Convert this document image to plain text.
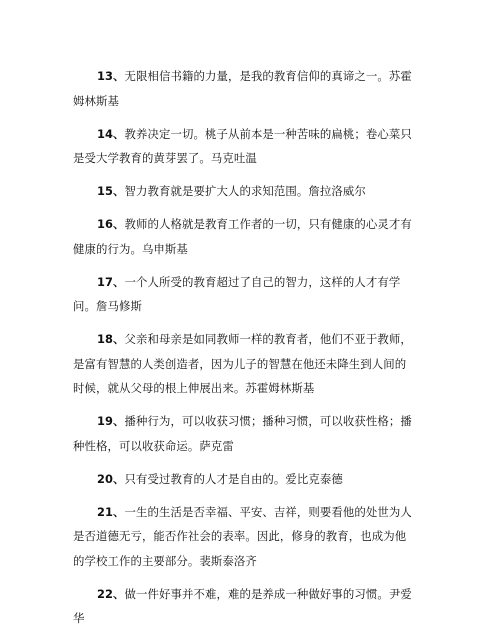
13、无限相信书籍的力量，是我的教育信仰的真谛之一。苏霍姆林斯基

14、教养决定一切。桃子从前本是一种苦味的扁桃；卷心菜只是受大学教育的黄芽罢了。马克吐温

15、智力教育就是要扩大人的求知范围。詹拉洛威尔

16、教师的人格就是教育工作者的一切，只有健康的心灵才有健康的行为。乌申斯基

17、一个人所受的教育超过了自己的智力，这样的人才有学问。詹马修斯

18、父亲和母亲是如同教师一样的教育者，他们不亚于教师，是富有智慧的人类创造者，因为儿子的智慧在他还未降生到人间的时候，就从父母的根上伸展出来。苏霍姆林斯基

19、播种行为，可以收获习惯；播种习惯，可以收获性格；播种性格，可以收获命运。萨克雷

20、只有受过教育的人才是自由的。爱比克泰德

21、一生的生活是否幸福、平安、吉祥，则要看他的处世为人是否道德无亏，能否作社会的表率。因此，修身的教育，也成为他的学校工作的主要部分。裴斯泰洛齐

22、做一件好事并不难，难的是养成一种做好事的习惯。尹爱华
